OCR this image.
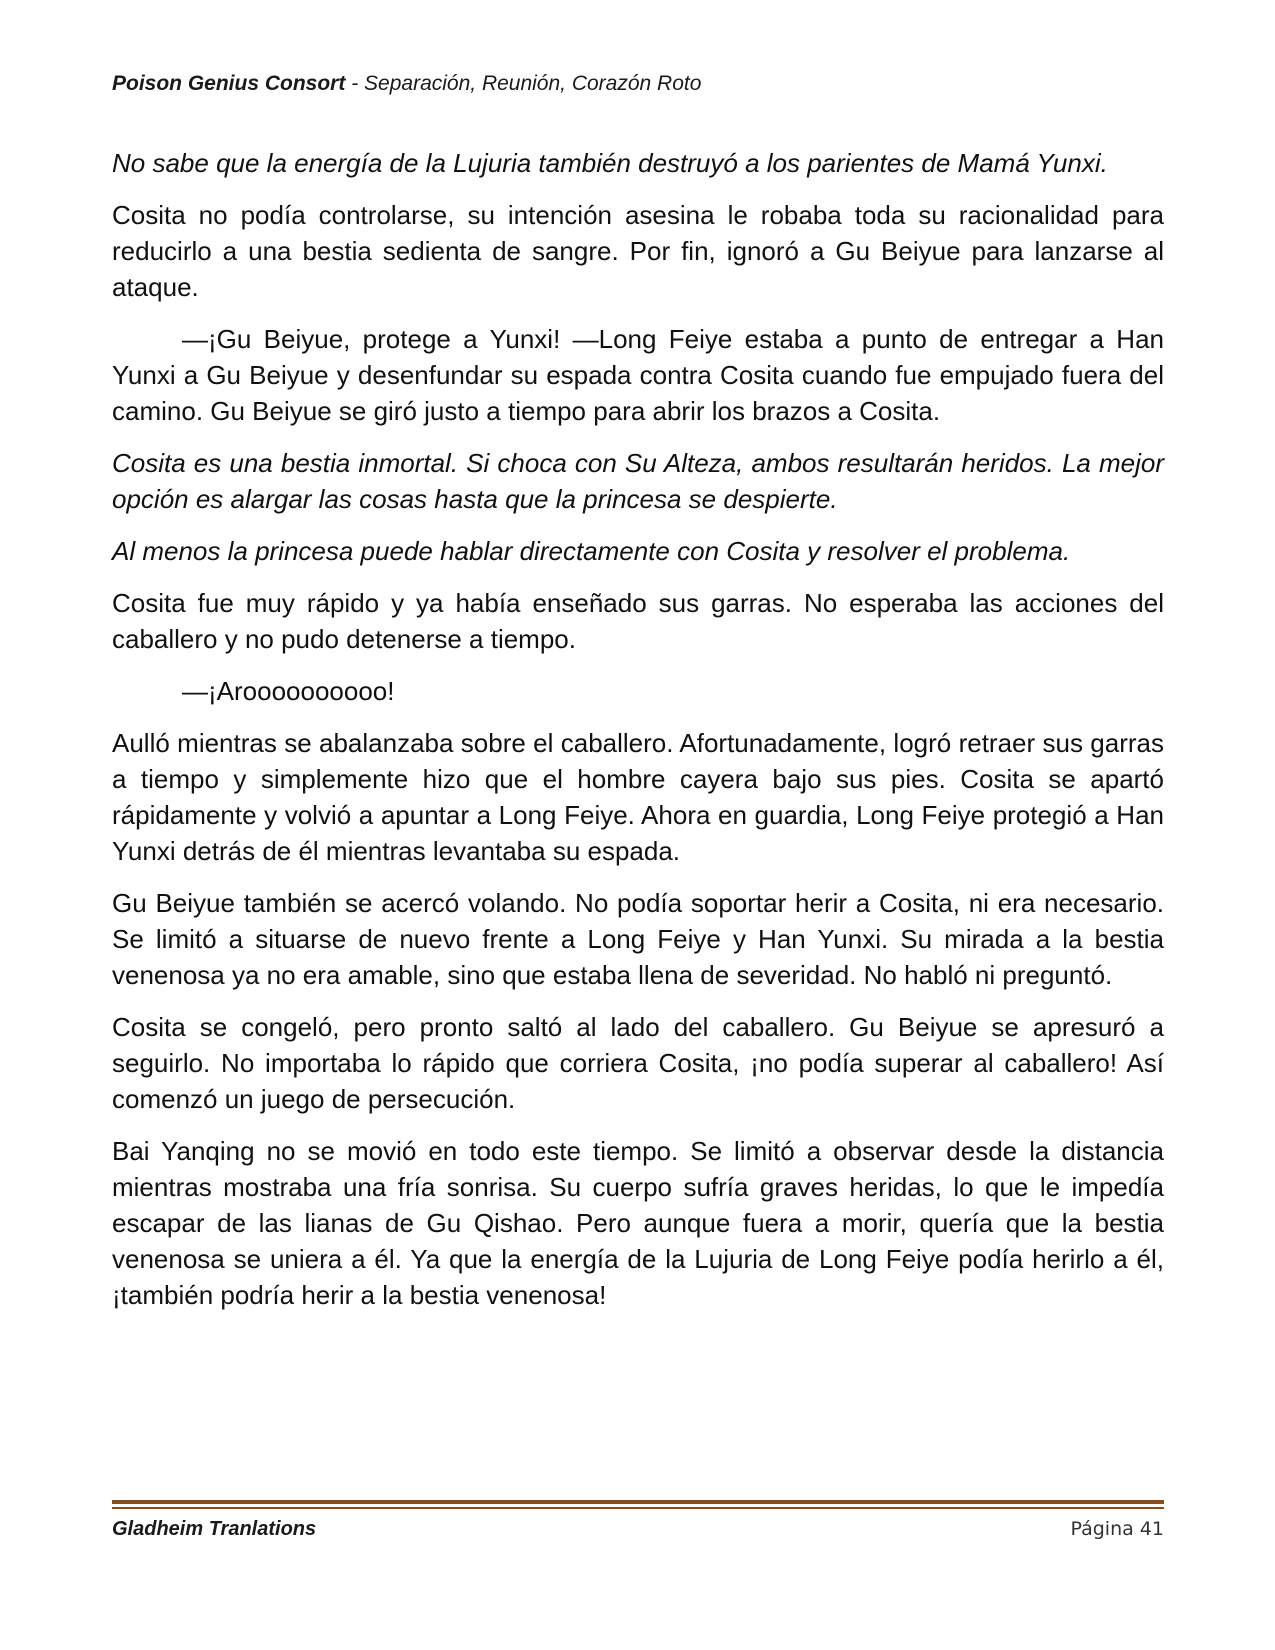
Poison Genius Consort - Separación, Reunión, Corazón Roto

No sabe que la energía de la Lujuria también destruyó a los parientes de Mamá Yunxi.

Cosita no podía controlarse, su intención asesina le robaba toda su racionalidad para reducirlo a una bestia sedienta de sangre. Por fin, ignoró a Gu Beiyue para lanzarse al ataque.

—¡Gu Beiyue, protege a Yunxi! —Long Feiye estaba a punto de entregar a Han Yunxi a Gu Beiyue y desenfundar su espada contra Cosita cuando fue empujado fuera del camino. Gu Beiyue se giró justo a tiempo para abrir los brazos a Cosita.

Cosita es una bestia inmortal. Si choca con Su Alteza, ambos resultarán heridos. La mejor opción es alargar las cosas hasta que la princesa se despierte.

Al menos la princesa puede hablar directamente con Cosita y resolver el problema.

Cosita fue muy rápido y ya había enseñado sus garras. No esperaba las acciones del caballero y no pudo detenerse a tiempo.

—¡Aroooooooooo!

Aulló mientras se abalanzaba sobre el caballero. Afortunadamente, logró retraer sus garras a tiempo y simplemente hizo que el hombre cayera bajo sus pies. Cosita se apartó rápidamente y volvió a apuntar a Long Feiye. Ahora en guardia, Long Feiye protegió a Han Yunxi detrás de él mientras levantaba su espada.

Gu Beiyue también se acercó volando. No podía soportar herir a Cosita, ni era necesario. Se limitó a situarse de nuevo frente a Long Feiye y Han Yunxi. Su mirada a la bestia venenosa ya no era amable, sino que estaba llena de severidad. No habló ni preguntó.

Cosita se congeló, pero pronto saltó al lado del caballero. Gu Beiyue se apresuró a seguirlo. No importaba lo rápido que corriera Cosita, ¡no podía superar al caballero! Así comenzó un juego de persecución.

Bai Yanqing no se movió en todo este tiempo. Se limitó a observar desde la distancia mientras mostraba una fría sonrisa. Su cuerpo sufría graves heridas, lo que le impedía escapar de las lianas de Gu Qishao. Pero aunque fuera a morir, quería que la bestia venenosa se uniera a él. Ya que la energía de la Lujuria de Long Feiye podía herirlo a él, ¡también podría herir a la bestia venenosa!

Gladheim Tranlations	Página 41
